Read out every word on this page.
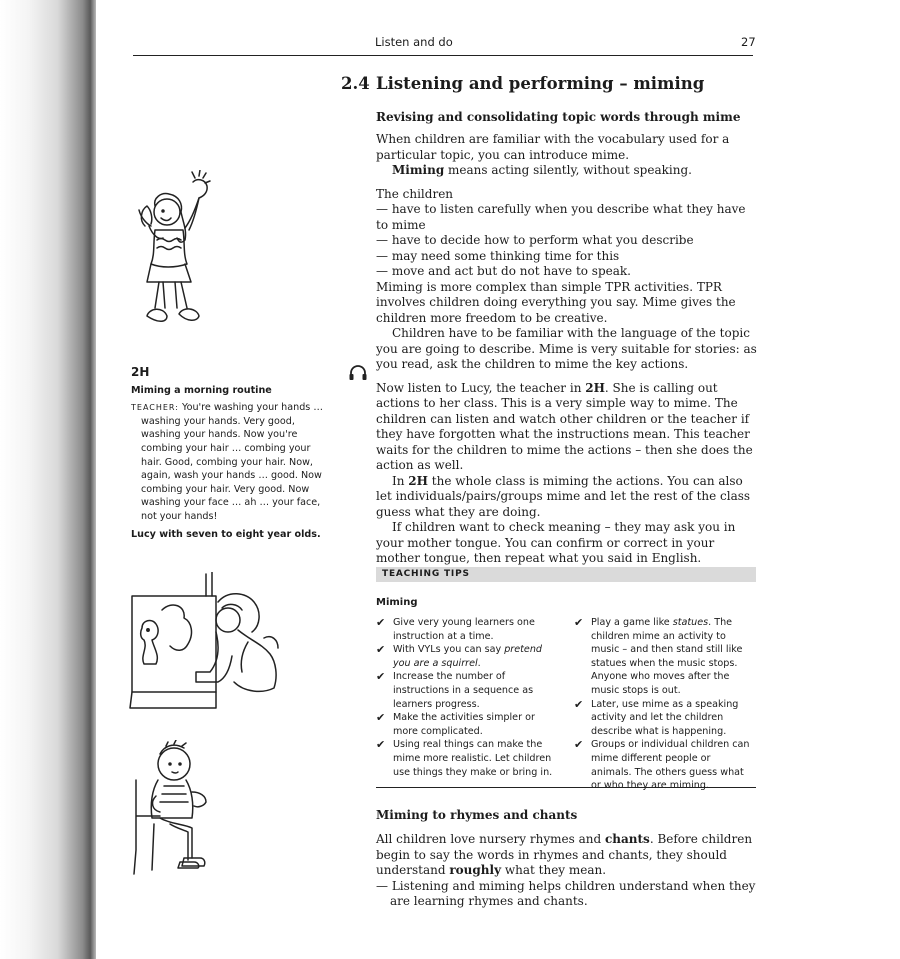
Listen and do	27
2.4 Listening and performing – miming
Revising and consolidating topic words through mime

When children are familiar with the vocabulary used for a particular topic, you can introduce mime.

Miming means acting silently, without speaking.

The children

— have to listen carefully when you describe what they have to mime

— have to decide how to perform what you describe

— may need some thinking time for this

— move and act but do not have to speak.

Miming is more complex than simple TPR activities. TPR involves children doing everything you say. Mime gives the children more freedom to be creative.

Children have to be familiar with the language of the topic you are going to describe. Mime is very suitable for stories: as you read, ask the children to mime the key actions.

Now listen to Lucy, the teacher in 2H. She is calling out actions to her class. This is a very simple way to mime. The children can listen and watch other children or the teacher if they have forgotten what the instructions mean. This teacher waits for the children to mime the actions – then she does the action as well.

In 2H the whole class is miming the actions. You can also let individuals/pairs/groups mime and let the rest of the class guess what they are doing.

If children want to check meaning – they may ask you in your mother tongue. You can confirm or correct in your mother tongue, then repeat what you said in English.

2H
Miming a morning routine

TEACHER: You're washing your hands … washing your hands. Very good, washing your hands. Now you're combing your hair … combing your hair. Good, combing your hair. Now, again, wash your hands … good. Now combing your hair. Very good. Now washing your face … ah … your face, not your hands!

Lucy with seven to eight year olds.
TEACHING TIPS
Miming

✔ Give very young learners one instruction at a time.

✔ With VYLs you can say pretend you are a squirrel.

✔ Increase the number of instructions in a sequence as learners progress.

✔ Make the activities simpler or more complicated.

✔ Using real things can make the mime more realistic. Let children use things they make or bring in.

✔ Play a game like statues. The children mime an activity to music – and then stand still like statues when the music stops. Anyone who moves after the music stops is out.

✔ Later, use mime as a speaking activity and let the children describe what is happening.

✔ Groups or individual children can mime different people or animals. The others guess what or who they are miming.

Miming to rhymes and chants

All children love nursery rhymes and chants. Before children begin to say the words in rhymes and chants, they should understand roughly what they mean.

— Listening and miming helps children understand when they are learning rhymes and chants.
